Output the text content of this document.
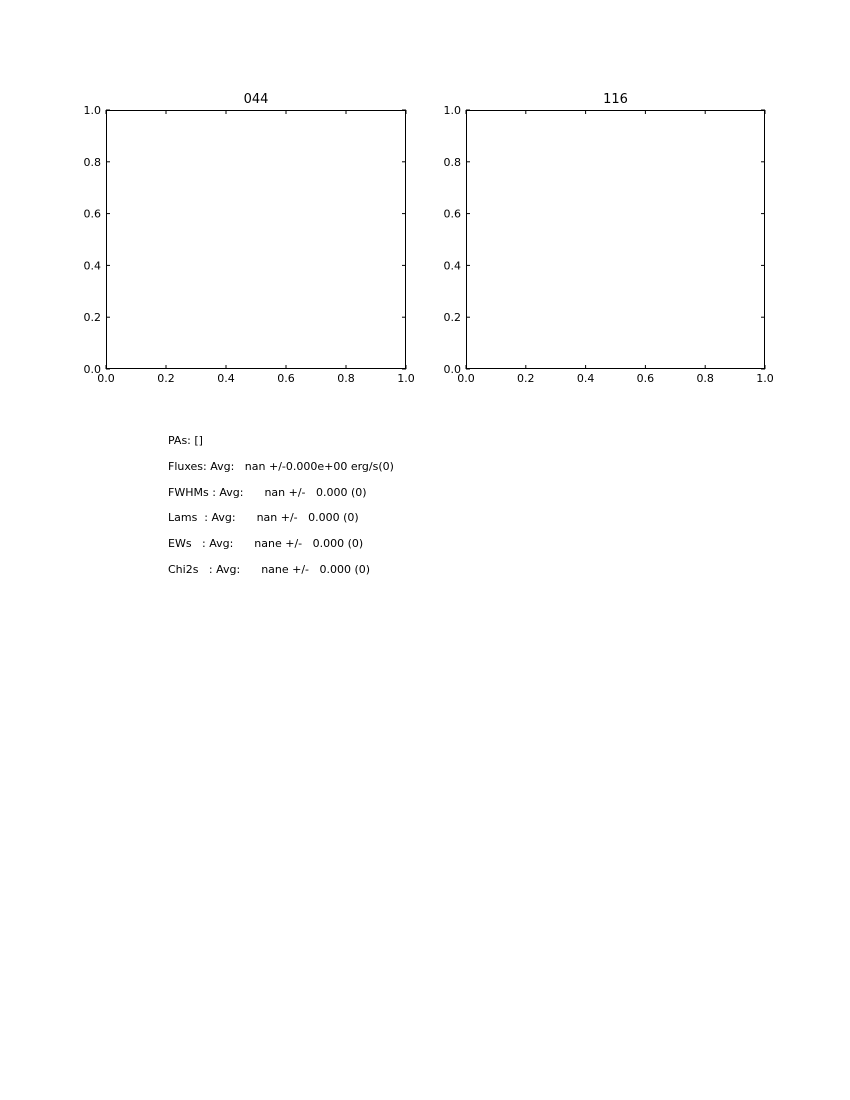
044
0.0	0.2	0.4	0.6	0.8	1.0
0.0
0.2
0.4
0.6
0.8
1.0
116
0.0	0.2	0.4	0.6	0.8	1.0
0.0
0.2
0.4
0.6
0.8
1.0
PAs: []
Fluxes: Avg:   nan +/-0.000e+00 erg/s(0)
FWHMs : Avg:      nan +/-   0.000 (0)
Lams  : Avg:      nan +/-   0.000 (0)
EWs   : Avg:      nane +/-   0.000 (0)
Chi2s   : Avg:      nane +/-   0.000 (0)
